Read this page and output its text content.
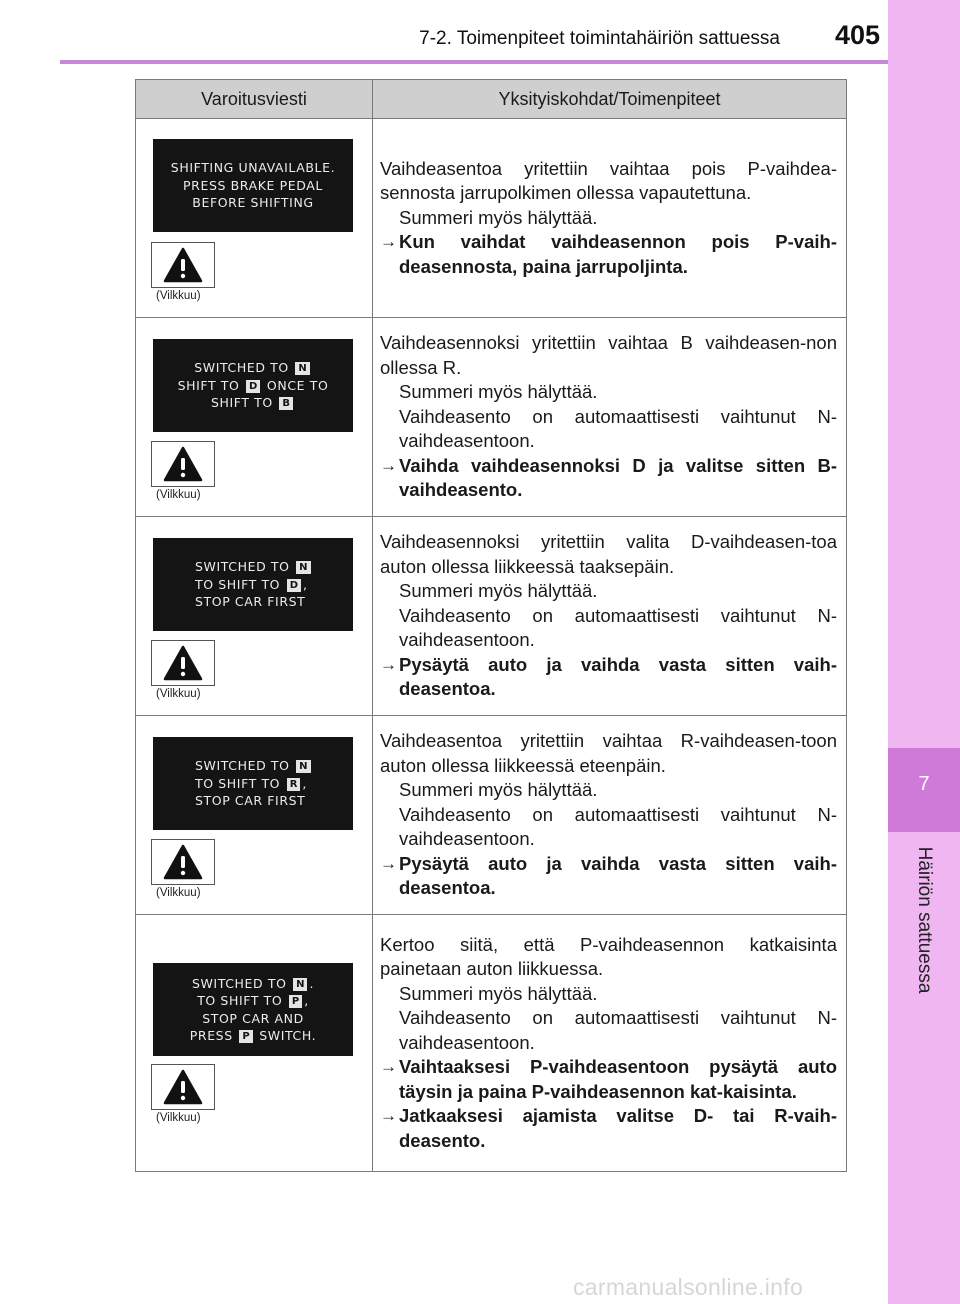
7-2. Toimenpiteet toimintahäiriön sattuessa	405
7
Häiriön sattuessa
Varoitusviesti	Yksityiskohdat/Toimenpiteet
SHIFTING UNAVAILABLE.
PRESS BRAKE PEDAL
BEFORE SHIFTING
(Vilkkuu)
Vaihdeasentoa yritettiin vaihtaa pois P-vaihdea-sennosta jarrupolkimen ollessa vapautettuna.
Summeri myös hälyttää.
→ Kun vaihdat vaihdeasennon pois P-vaih-deasennosta, paina jarrupoljinta.
SWITCHED TO N
SHIFT TO D ONCE TO
SHIFT TO B
(Vilkkuu)
Vaihdeasennoksi yritettiin vaihtaa B vaihdeasen-non ollessa R.
Summeri myös hälyttää.
Vaihdeasento on automaattisesti vaihtunut N-vaihdeasentoon.
→ Vaihda vaihdeasennoksi D ja valitse sitten B-vaihdeasento.
SWITCHED TO N
TO SHIFT TO D ,
STOP CAR FIRST
(Vilkkuu)
Vaihdeasennoksi yritettiin valita D-vaihdeasen-toa auton ollessa liikkeessä taaksepäin.
Summeri myös hälyttää.
Vaihdeasento on automaattisesti vaihtunut N-vaihdeasentoon.
→ Pysäytä auto ja vaihda vasta sitten vaih-deasentoa.
SWITCHED TO N
TO SHIFT TO R ,
STOP CAR FIRST
(Vilkkuu)
Vaihdeasentoa yritettiin vaihtaa R-vaihdeasen-toon auton ollessa liikkeessä eteenpäin.
Summeri myös hälyttää.
Vaihdeasento on automaattisesti vaihtunut N-vaihdeasentoon.
→ Pysäytä auto ja vaihda vasta sitten vaih-deasentoa.
SWITCHED TO N .
TO SHIFT TO P ,
STOP CAR AND
PRESS P SWITCH.
(Vilkkuu)
Kertoo siitä, että P-vaihdeasennon katkaisinta painetaan auton liikkuessa.
Summeri myös hälyttää.
Vaihdeasento on automaattisesti vaihtunut N-vaihdeasentoon.
→ Vaihtaaksesi P-vaihdeasentoon pysäytä auto täysin ja paina P-vaihdeasennon kat-kaisinta.
→ Jatkaaksesi ajamista valitse D- tai R-vaih-deasento.
carmanualsonline.info
